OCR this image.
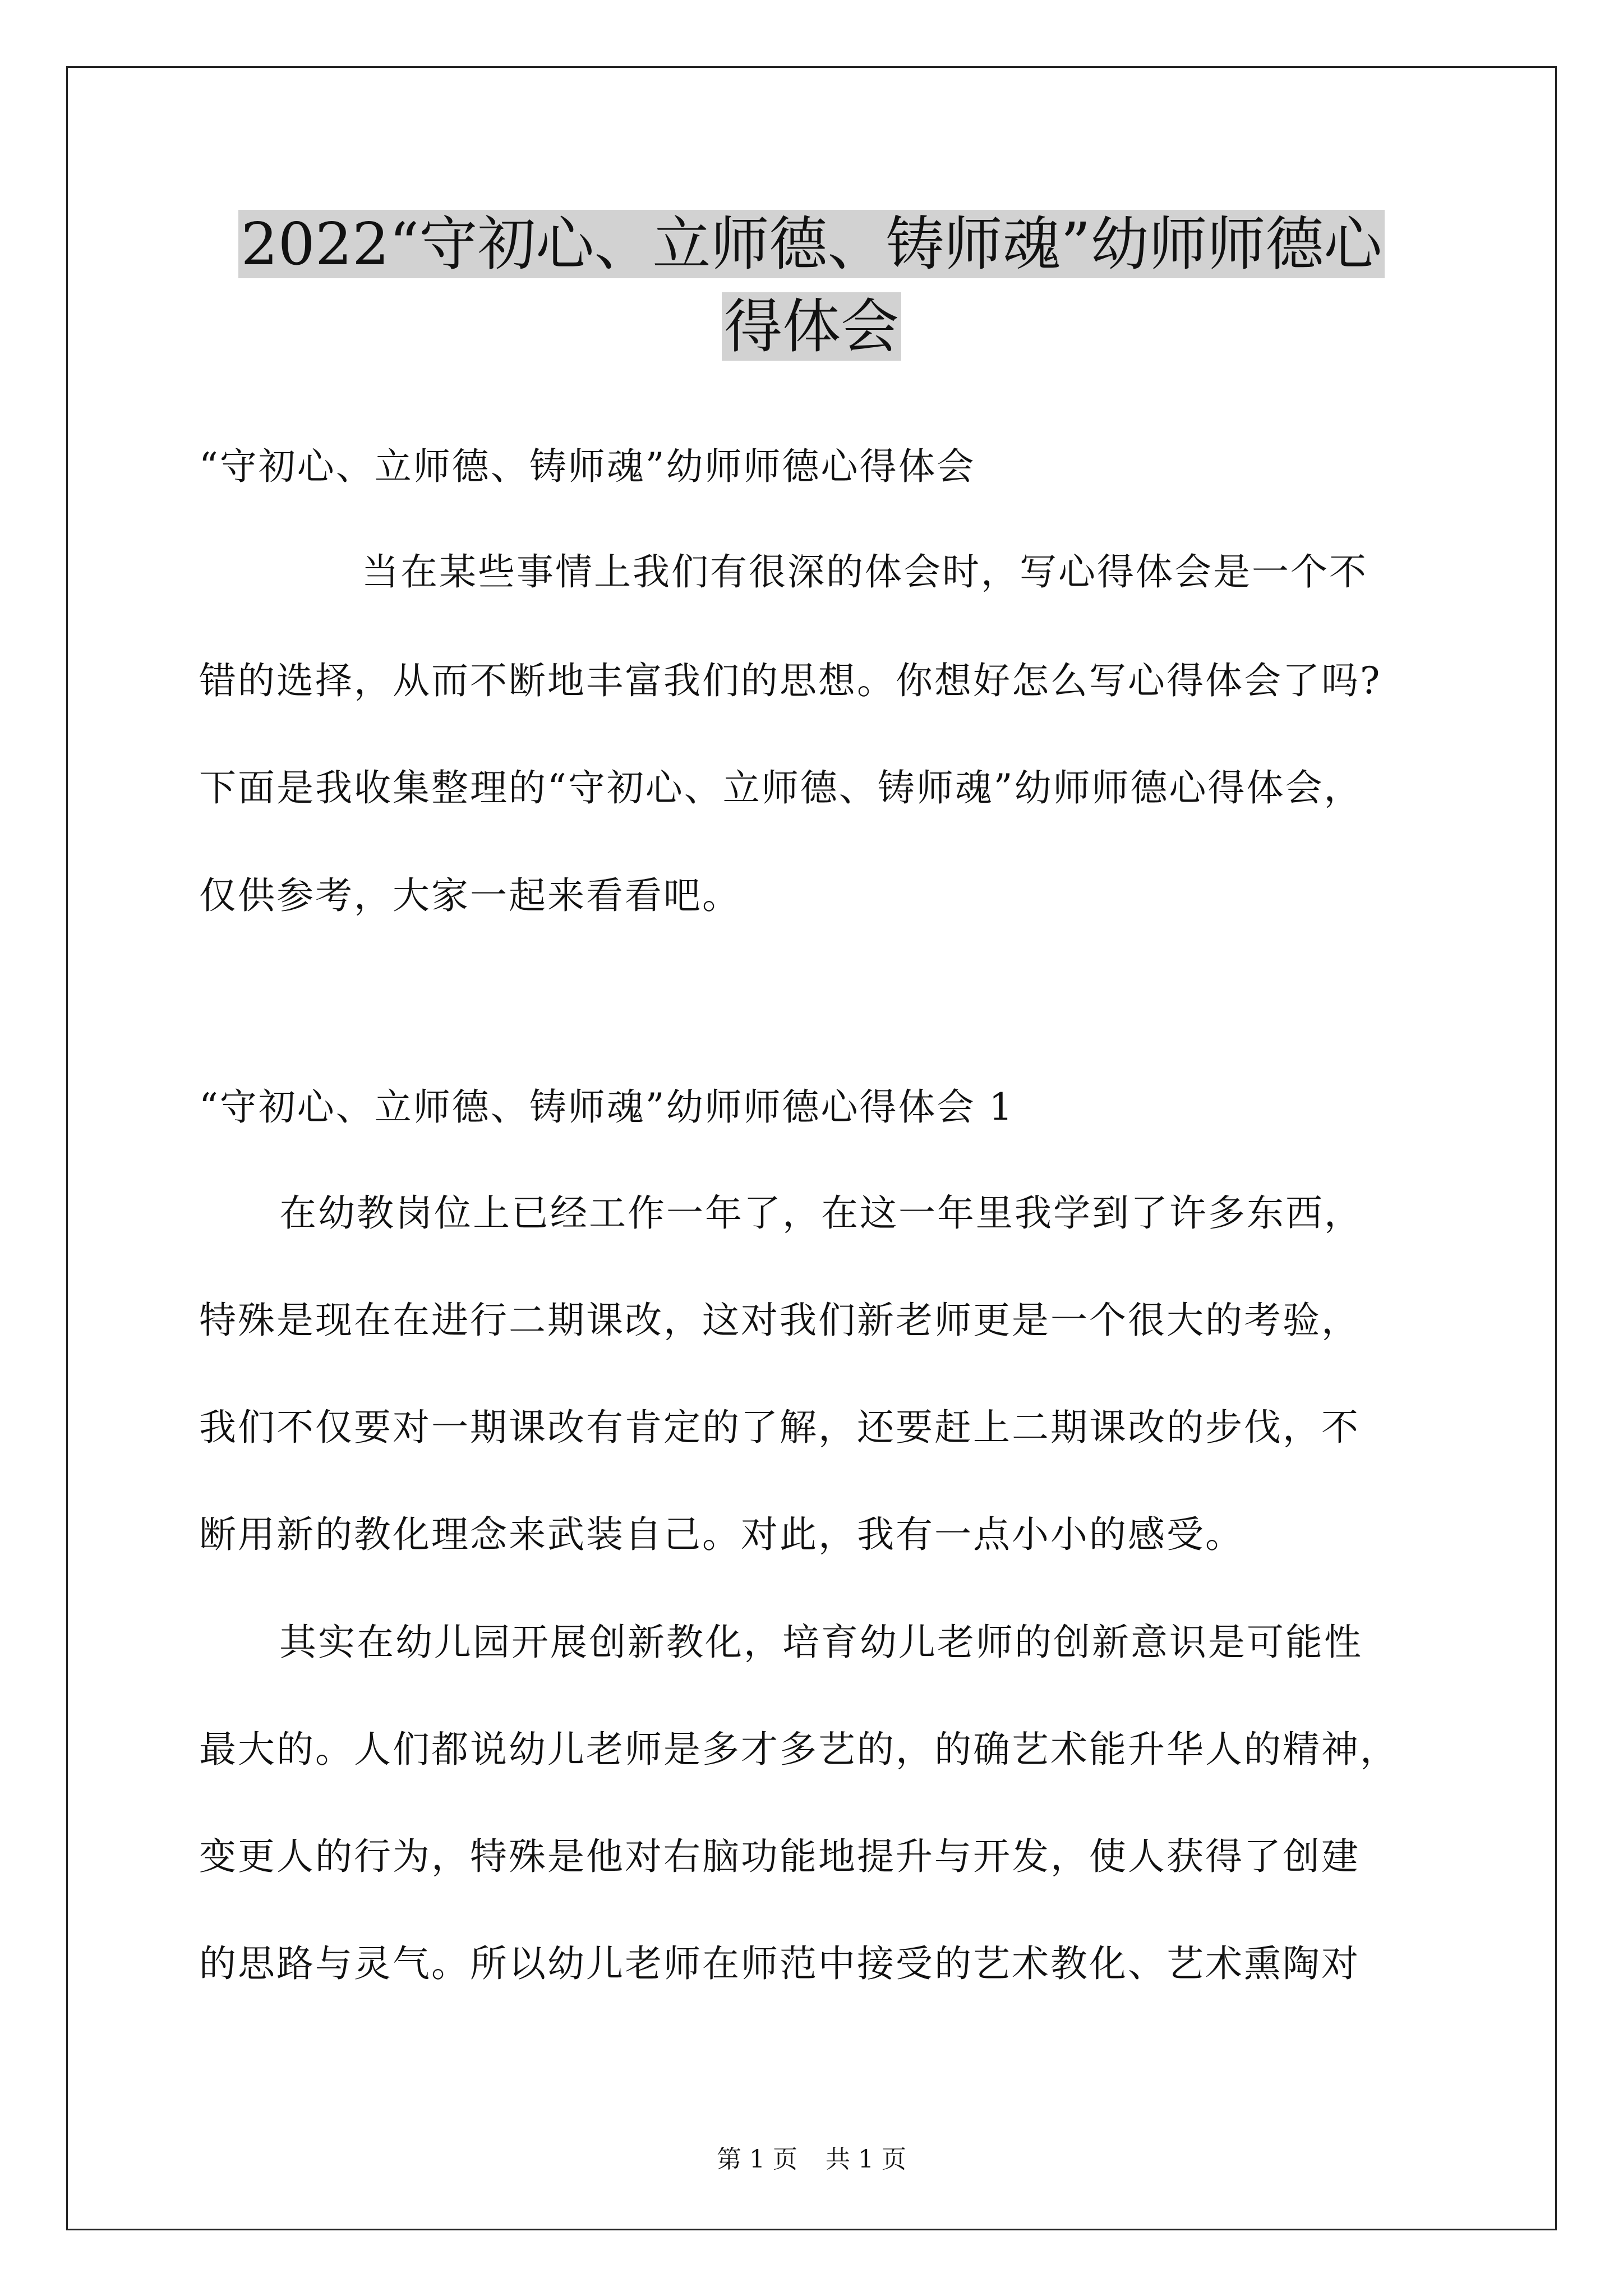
2022“守初心、立师德、铸师魂”幼师师德心
得体会
“守初心、立师德、铸师魂”幼师师德心得体会
当在某些事情上我们有很深的体会时，写心得体会是一个不
错的选择，从而不断地丰富我们的思想。你想好怎么写心得体会了吗?
下面是我收集整理的“守初心、立师德、铸师魂”幼师师德心得体会，
仅供参考，大家一起来看看吧。
“守初心、立师德、铸师魂”幼师师德心得体会 1
在幼教岗位上已经工作一年了，在这一年里我学到了许多东西，
特殊是现在在进行二期课改，这对我们新老师更是一个很大的考验，
我们不仅要对一期课改有肯定的了解，还要赶上二期课改的步伐，不
断用新的教化理念来武装自己。对此，我有一点小小的感受。
其实在幼儿园开展创新教化，培育幼儿老师的创新意识是可能性
最大的。人们都说幼儿老师是多才多艺的，的确艺术能升华人的精神，
变更人的行为，特殊是他对右脑功能地提升与开发，使人获得了创建
的思路与灵气。所以幼儿老师在师范中接受的艺术教化、艺术熏陶对
第 1 页 共 1 页
